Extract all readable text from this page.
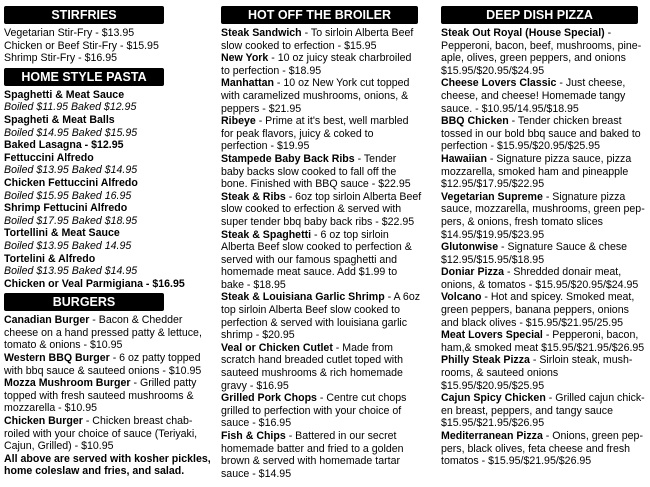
STIRFRIES
Vegetarian Stir-Fry - $13.95
Chicken or Beef Stir-Fry - $15.95
Shrimp Stir-Fry - $16.95
HOME STYLE PASTA
Spaghetti & Meat Sauce
Boiled $11.95 Baked $12.95
Spagheti & Meat Balls
Boiled $14.95 Baked $15.95
Baked Lasagna - $12.95
Fettuccini Alfredo
Boiled $13.95 Baked $14.95
Chicken Fettuccini Alfredo
Boiled $15.95 Baked 16.95
Shrimp Fettucini Alfredo
Boiled $17.95 Baked $18.95
Tortellini & Meat Sauce
Boiled $13.95 Baked 14.95
Tortelini & Alfredo
Boiled $13.95 Baked $14.95
Chicken or Veal Parmigiana - $16.95
BURGERS
Canadian Burger - Bacon & Chedder
cheese on a hand pressed patty & lettuce,
tomato & onions - $10.95
Western BBQ Burger - 6 oz patty topped
with bbq sauce & sauteed onions - $10.95
Mozza Mushroom Burger - Grilled patty
topped with fresh sauteed mushrooms &
mozzarella - $10.95
Chicken Burger - Chicken breast chab-
roiled with your choice of sauce (Teriyaki,
Cajun, Grilled) - $10.95
All above are served with kosher pickles,
home coleslaw and fries, and salad.
HOT OFF THE BROILER
Steak Sandwich - To sirloin Alberta Beef
slow cooked to erfection - $15.95
New York - 10 oz juicy steak charbroiled
to perfection - $18.95
Manhattan - 10 oz New York cut topped
with caramelized mushrooms, onions, &
peppers - $21.95
Ribeye - Prime at it's best, well marbled
for peak flavors, juicy & coked to
perfection - $19.95
Stampede Baby Back Ribs - Tender
baby backs slow cooked to fall off the
bone. Finished with BBQ sauce - $22.95
Steak & Ribs - 6oz top sirloin Alberta Beef
slow cooked to erfection & served with
super tender bbq baby back ribs - $22.95
Steak & Spaghetti - 6 oz top sirloin
Alberta Beef slow cooked to perfection &
served with our famous spaghetti and
homemade meat sauce. Add $1.99 to
bake - $18.95
Steak & Louisiana Garlic Shrimp - A 6oz
top sirloin Alberta Beef slow cooked to
perfection & served with louisiana garlic
shrimp - $20.95
Veal or Chicken Cutlet - Made from
scratch hand breaded cutlet toped with
sauteed mushrooms & rich homemade
gravy - $16.95
Grilled Pork Chops - Centre cut chops
grilled to perfection with your choice of
sauce - $16.95
Fish & Chips - Battered in our secret
homemade batter and fried to a golden
brown & served with homemade tartar
sauce - $14.95
DEEP DISH PIZZA
Steak Out Royal (House Special) -
Pepperoni, bacon, beef, mushrooms, pine-
aple, olives, green peppers, and onions
$15.95/$20.95/$24.95
Cheese Lovers Classic - Just cheese,
cheese, and cheese! Homemade tangy
sauce. - $10.95/14.95/$18.95
BBQ Chicken - Tender chicken breast
tossed in our bold bbq sauce and baked to
perfection - $15.95/$20.95/$25.95
Hawaiian - Signature pizza sauce, pizza
mozzarella, smoked ham and pineapple
$12.95/$17.95/$22.95
Vegetarian Supreme - Signature pizza
sauce, mozzarella, mushrooms, green pep-
pers, & onions, fresh tomato slices
$14.95/$19.95/$23.95
Glutonwise - Signature Sauce & chese
$12.95/$15.95/$18.95
Doniar Pizza - Shredded donair meat,
onions, & tomatos - $15.95/$20.95/$24.95
Volcano - Hot and spicey. Smoked meat,
green peppers, banana peppers, onions
and black olives - $15.95/$21.95/25.95
Meat Lovers Special - Pepperoni, bacon,
ham,& smoked meat $15.95/$21.95/$26.95
Philly Steak Pizza - Sirloin steak, mush-
rooms, & sauteed onions
$15.95/$20.95/$25.95
Cajun Spicy Chicken - Grilled cajun chick-
en breast, peppers, and tangy sauce
$15.95/$21.95/$26.95
Mediterranean Pizza - Onions, green pep-
pers, black olives, feta cheese and fresh
tomatos - $15.95/$21.95/$26.95
